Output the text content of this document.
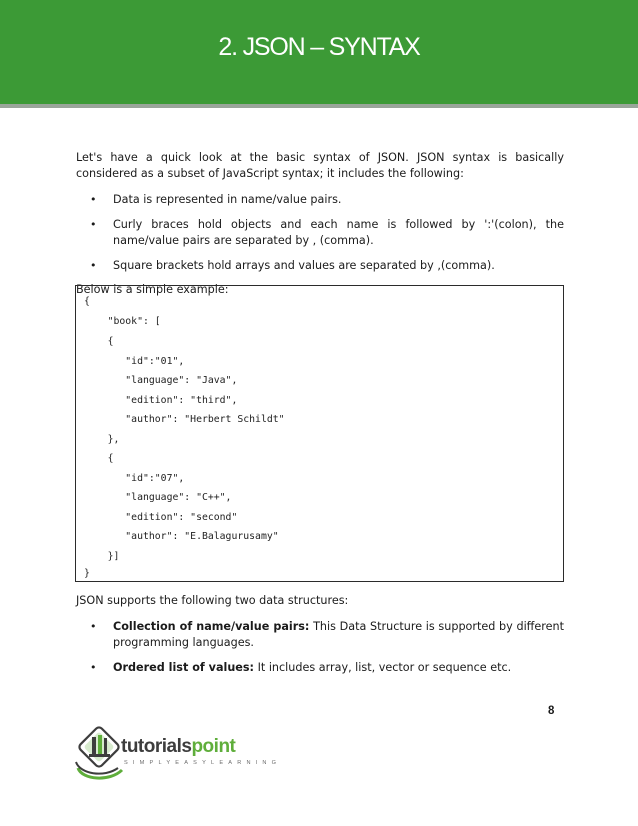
2. JSON – SYNTAX

Let's have a quick look at the basic syntax of JSON. JSON syntax is basically considered as a subset of JavaScript syntax; it includes the following:

• Data is represented in name/value pairs.
• Curly braces hold objects and each name is followed by ':'(colon), the name/value pairs are separated by , (comma).
• Square brackets hold arrays and values are separated by ,(comma).

Below is a simple example:

{
"book": [
{
"id":"01",
"language": "Java",
"edition": "third",
"author": "Herbert Schildt"
},
{
"id":"07",
"language": "C++",
"edition": "second"
"author": "E.Balagurusamy"
}]
}

JSON supports the following two data structures:

• Collection of name/value pairs: This Data Structure is supported by different programming languages.
• Ordered list of values: It includes array, list, vector or sequence etc.
8
tutorialspoint
SIMPLYEASYLEARNING
